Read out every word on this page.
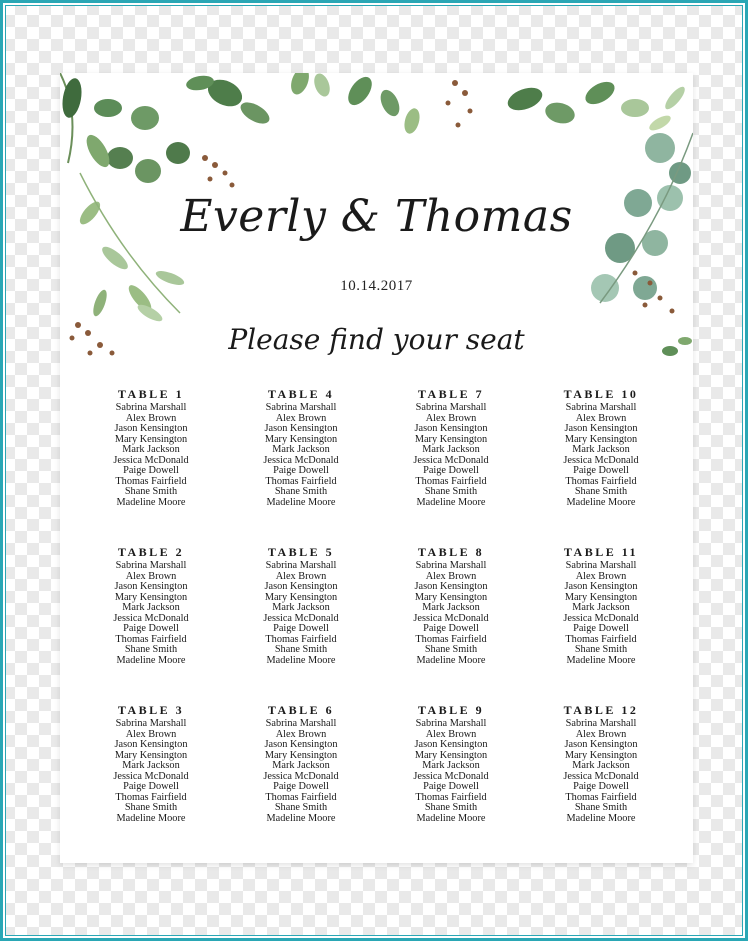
Everly & Thomas
10.14.2017
Please find your seat
TABLE 1
Sabrina Marshall
Alex Brown
Jason Kensington
Mary Kensington
Mark Jackson
Jessica McDonald
Paige Dowell
Thomas Fairfield
Shane Smith
Madeline Moore
TABLE 4
Sabrina Marshall
Alex Brown
Jason Kensington
Mary Kensington
Mark Jackson
Jessica McDonald
Paige Dowell
Thomas Fairfield
Shane Smith
Madeline Moore
TABLE 7
Sabrina Marshall
Alex Brown
Jason Kensington
Mary Kensington
Mark Jackson
Jessica McDonald
Paige Dowell
Thomas Fairfield
Shane Smith
Madeline Moore
TABLE 10
Sabrina Marshall
Alex Brown
Jason Kensington
Mary Kensington
Mark Jackson
Jessica McDonald
Paige Dowell
Thomas Fairfield
Shane Smith
Madeline Moore
TABLE 2
Sabrina Marshall
Alex Brown
Jason Kensington
Mary Kensington
Mark Jackson
Jessica McDonald
Paige Dowell
Thomas Fairfield
Shane Smith
Madeline Moore
TABLE 5
Sabrina Marshall
Alex Brown
Jason Kensington
Mary Kensington
Mark Jackson
Jessica McDonald
Paige Dowell
Thomas Fairfield
Shane Smith
Madeline Moore
TABLE 8
Sabrina Marshall
Alex Brown
Jason Kensington
Mary Kensington
Mark Jackson
Jessica McDonald
Paige Dowell
Thomas Fairfield
Shane Smith
Madeline Moore
TABLE 11
Sabrina Marshall
Alex Brown
Jason Kensington
Mary Kensington
Mark Jackson
Jessica McDonald
Paige Dowell
Thomas Fairfield
Shane Smith
Madeline Moore
TABLE 3
Sabrina Marshall
Alex Brown
Jason Kensington
Mary Kensington
Mark Jackson
Jessica McDonald
Paige Dowell
Thomas Fairfield
Shane Smith
Madeline Moore
TABLE 6
Sabrina Marshall
Alex Brown
Jason Kensington
Mary Kensington
Mark Jackson
Jessica McDonald
Paige Dowell
Thomas Fairfield
Shane Smith
Madeline Moore
TABLE 9
Sabrina Marshall
Alex Brown
Jason Kensington
Mary Kensington
Mark Jackson
Jessica McDonald
Paige Dowell
Thomas Fairfield
Shane Smith
Madeline Moore
TABLE 12
Sabrina Marshall
Alex Brown
Jason Kensington
Mary Kensington
Mark Jackson
Jessica McDonald
Paige Dowell
Thomas Fairfield
Shane Smith
Madeline Moore
